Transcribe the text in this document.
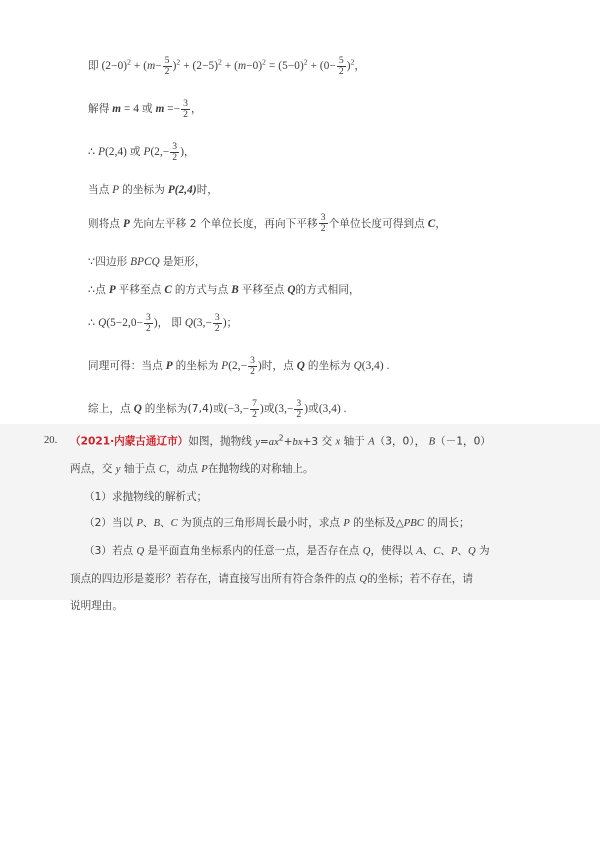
即 $(2-0)^2 + (m- \frac{5}{2} )^2 + (2-5)^2 + (m-0)^2 = (5-0)^2 + (0- \frac{5}{2} )^2$，

解得 m = 4 或 $m =- \frac{3}{2}$ ，

∴ P(2,4) 或 $P(2,- \frac{3}{2}$ )，

当点 P 的坐标为 P(2,4)时，

则将点 P 先向左平移 2 个单位长度，再向下平移 $\frac{3}{2}$ 个单位长度可得到点 C，

∵四边形 BPCQ 是矩形，

∴点 P 平移至点 C 的方式与点 B 平移至点 Q的方式相同，

∴ $Q(5-2,0- \frac{3}{2}$ )， 即 $Q(3,- \frac{3}{2}$ )；

同理可得：当点 P 的坐标为 $P(2,- \frac{3}{2}$ )时，点 Q 的坐标为 Q(3,4) .

综上，点 Q 的坐标为(7,4)或($-3,- \frac{7}{2}$ )或($3,- \frac{3}{2}$ )或(3,4) .

20.	（2021·内蒙古通辽市）如图，抛物线 $y=ax^2+bx+3$ 交 x 轴于 A（3，0）， B（－1，0）

两点，交 y 轴于点 C，动点 P在抛物线的对称轴上。

（1）求抛物线的解析式；

（2）当以 P、B、C 为顶点的三角形周长最小时，求点 P 的坐标及△PBC 的周长；

（3）若点 Q 是平面直角坐标系内的任意一点，是否存在点 Q，使得以 A、C、P、Q 为
顶点的四边形是菱形？若存在，请直接写出所有符合条件的点 Q的坐标；若不存在，请
说明理由。
